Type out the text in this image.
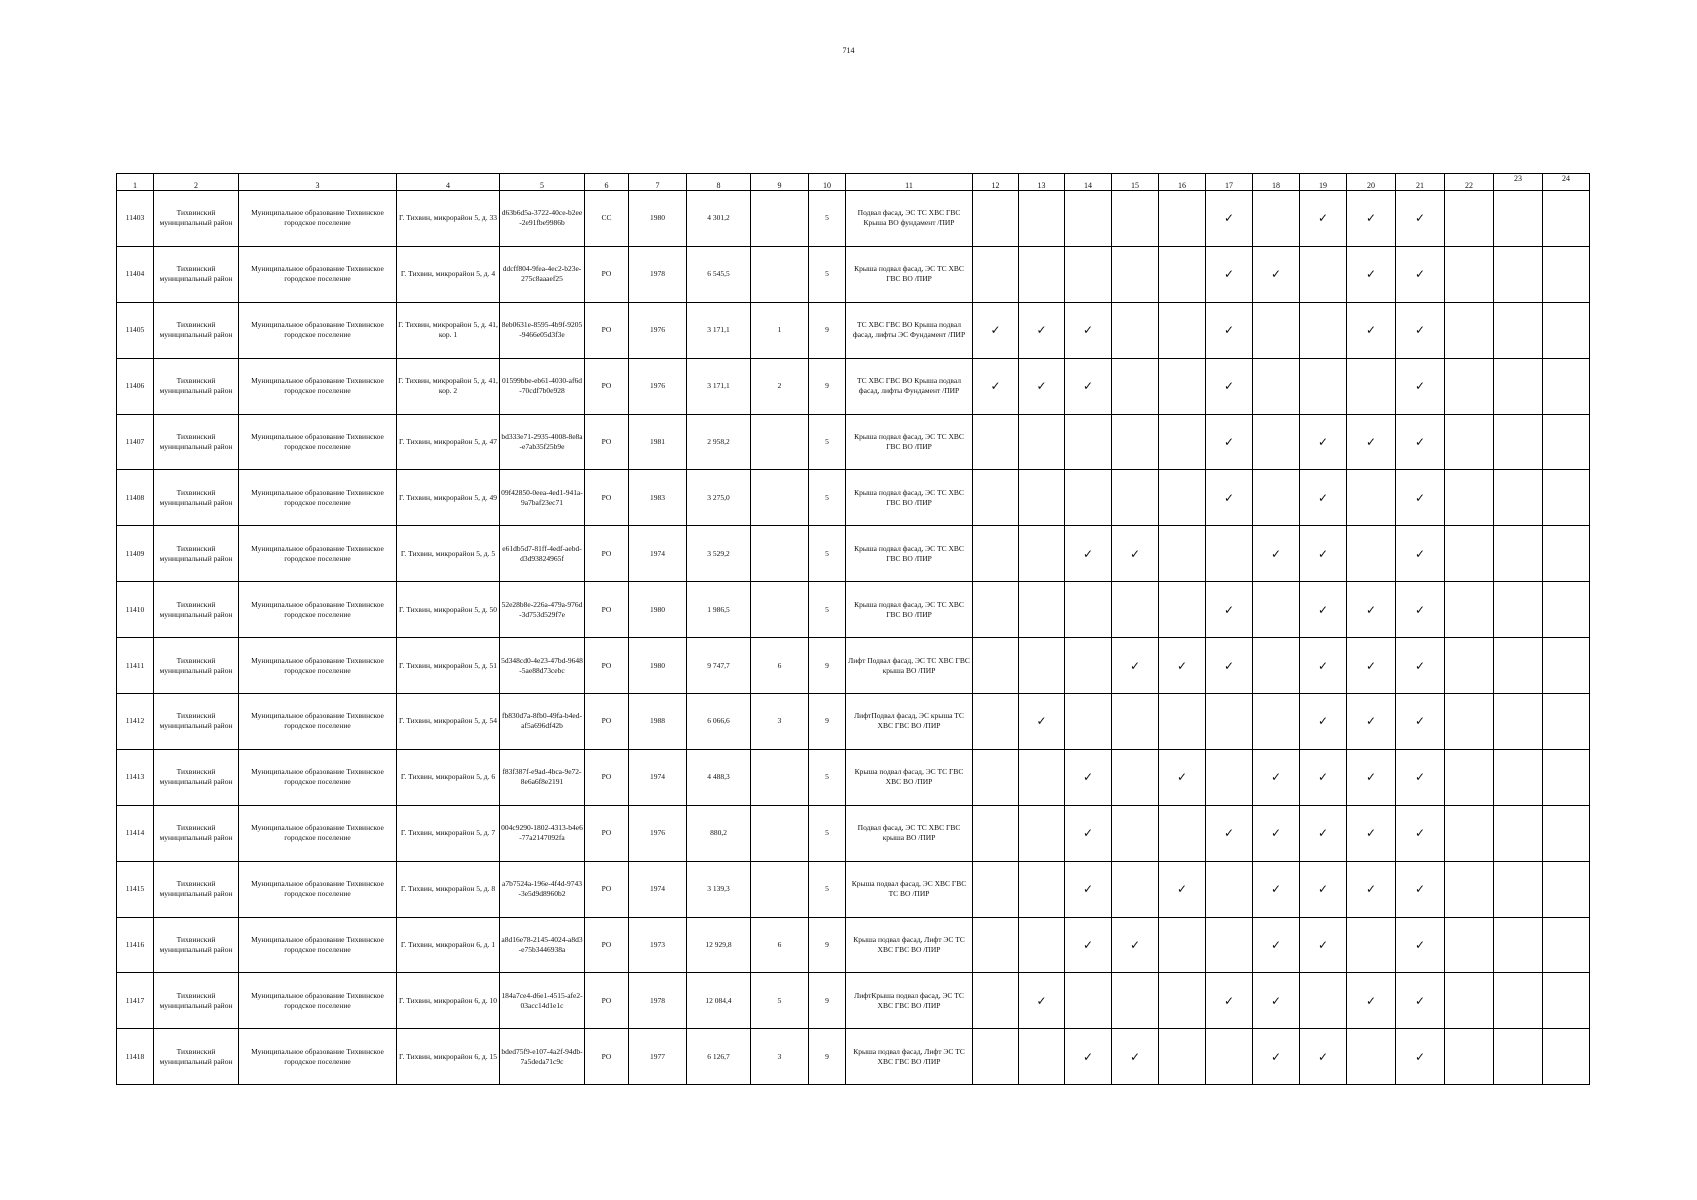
714
1	2	3	4	5	6	7	8	9	10	11	12	13	14	15	16	17	18	19	20	21	22	23	24
11403	Тихвинский муниципальный район	Муниципальное образование Тихвинское городское поселение	Г. Тихвин, микрорайон 5, д. 33	d63b6d5a-3722-40ce-b2ee-2e91fbe9986b	СС	1980	4 301,2		5	Подвал фасад, ЭС ТС ХВС ГВС Крыша ВО фундамент /ПИР						✓		✓	✓	✓			
11404	Тихвинский муниципальный район	Муниципальное образование Тихвинское городское поселение	Г. Тихвин, микрорайон 5, д. 4	ddcff804-9fea-4ec2-b23e-275c8aaaef25	РО	1978	6 545,5		5	Крыша подвал фасад, ЭС ТС ХВС ГВС ВО /ПИР						✓	✓		✓	✓			
11405	Тихвинский муниципальный район	Муниципальное образование Тихвинское городское поселение	Г. Тихвин, микрорайон 5, д. 41, кор. 1	8eb0631e-8595-4b9f-9205-9466e05d3f3e	РО	1976	3 171,1	1	9	ТС ХВС ГВС ВО Крыша подвал фасад, лифты ЭС Фундамент /ПИР	✓	✓	✓			✓			✓	✓			
11406	Тихвинский муниципальный район	Муниципальное образование Тихвинское городское поселение	Г. Тихвин, микрорайон 5, д. 41, кор. 2	01599bbe-eb61-4030-af6d-70cdf7b0e928	РО	1976	3 171,1	2	9	ТС ХВС ГВС ВО Крыша подвал фасад, лифты Фундамент /ПИР	✓	✓	✓			✓				✓			
11407	Тихвинский муниципальный район	Муниципальное образование Тихвинское городское поселение	Г. Тихвин, микрорайон 5, д. 47	bd333e71-2935-4008-8e8a-e7ab35f25b9e	РО	1981	2 958,2		5	Крыша подвал фасад, ЭС ТС ХВС ГВС ВО /ПИР						✓		✓	✓	✓			
11408	Тихвинский муниципальный район	Муниципальное образование Тихвинское городское поселение	Г. Тихвин, микрорайон 5, д. 49	09f42850-0eea-4ed1-941a-9a7baf23ec71	РО	1983	3 275,0		5	Крыша подвал фасад, ЭС ТС ХВС ГВС ВО /ПИР						✓		✓		✓			
11409	Тихвинский муниципальный район	Муниципальное образование Тихвинское городское поселение	Г. Тихвин, микрорайон 5, д. 5	e61db5d7-81ff-4edf-aebd-d3d93824965f	РО	1974	3 529,2		5	Крыша подвал фасад, ЭС ТС ХВС ГВС ВО /ПИР			✓	✓			✓	✓		✓			
11410	Тихвинский муниципальный район	Муниципальное образование Тихвинское городское поселение	Г. Тихвин, микрорайон 5, д. 50	52e28b8e-226a-479a-976d-3d753d529f7e	РО	1980	1 986,5		5	Крыша подвал фасад, ЭС ТС ХВС ГВС ВО /ПИР						✓		✓	✓	✓			
11411	Тихвинский муниципальный район	Муниципальное образование Тихвинское городское поселение	Г. Тихвин, микрорайон 5, д. 51	5d348cd0-4e23-47bd-9648-5ae88d73cebc	РО	1980	9 747,7	6	9	Лифт Подвал фасад, ЭС ТС ХВС ГВС крыша ВО /ПИР				✓	✓	✓		✓	✓	✓			
11412	Тихвинский муниципальный район	Муниципальное образование Тихвинское городское поселение	Г. Тихвин, микрорайон 5, д. 54	fb830d7a-8fb0-49fa-b4ed-af5a696df42b	РО	1988	6 066,6	3	9	ЛифтПодвал фасад, ЭС крыша ТС ХВС ГВС ВО /ПИР		✓						✓	✓	✓			
11413	Тихвинский муниципальный район	Муниципальное образование Тихвинское городское поселение	Г. Тихвин, микрорайон 5, д. 6	f83f387f-e9ad-4bca-9e72-8e6a6f8e2191	РО	1974	4 488,3		5	Крыша подвал фасад, ЭС ТС ГВС ХВС ВО /ПИР			✓		✓		✓	✓	✓	✓			
11414	Тихвинский муниципальный район	Муниципальное образование Тихвинское городское поселение	Г. Тихвин, микрорайон 5, д. 7	004c9290-1802-4313-b4e6-77a2147092fa	РО	1976	880,2		5	Подвал фасад, ЭС ТС ХВС ГВС крыша ВО /ПИР			✓			✓	✓	✓	✓	✓			
11415	Тихвинский муниципальный район	Муниципальное образование Тихвинское городское поселение	Г. Тихвин, микрорайон 5, д. 8	a7b7524a-196e-4f4d-9743-3e5d9d8960b2	РО	1974	3 139,3		5	Крыша подвал фасад, ЭС ХВС ГВС ТС ВО /ПИР			✓		✓		✓	✓	✓	✓			
11416	Тихвинский муниципальный район	Муниципальное образование Тихвинское городское поселение	Г. Тихвин, микрорайон 6, д. 1	a8d16e78-2145-4024-a8d3-e75b3446938a	РО	1973	12 929,8	6	9	Крыша подвал фасад, Лифт ЭС ТС ХВС ГВС ВО /ПИР			✓	✓			✓	✓		✓			
11417	Тихвинский муниципальный район	Муниципальное образование Тихвинское городское поселение	Г. Тихвин, микрорайон 6, д. 10	184a7ce4-d6e1-4515-afe2-03acc14d1e1c	РО	1978	12 084,4	5	9	ЛифтКрыша подвал фасад, ЭС ТС ХВС ГВС ВО /ПИР		✓				✓	✓		✓	✓			
11418	Тихвинский муниципальный район	Муниципальное образование Тихвинское городское поселение	Г. Тихвин, микрорайон 6, д. 15	bded75f9-e107-4a2f-94db-7a5deda71c9c	РО	1977	6 126,7	3	9	Крыша подвал фасад, Лифт ЭС ТС ХВС ГВС ВО /ПИР			✓	✓			✓	✓		✓			
